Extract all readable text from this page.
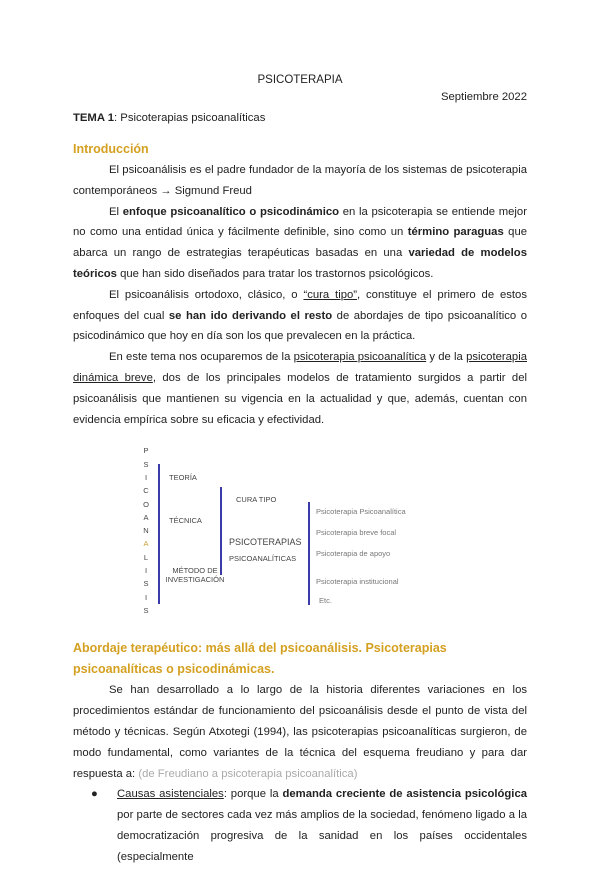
PSICOTERAPIA
Septiembre 2022
TEMA 1: Psicoterapias psicoanalíticas
Introducción
El psicoanálisis es el padre fundador de la mayoría de los sistemas de psicoterapia contemporáneos → Sigmund Freud
El enfoque psicoanalítico o psicodinámico en la psicoterapia se entiende mejor no como una entidad única y fácilmente definible, sino como un término paraguas que abarca un rango de estrategias terapéuticas basadas en una variedad de modelos teóricos que han sido diseñados para tratar los trastornos psicológicos.
El psicoanálisis ortodoxo, clásico, o “cura tipo”, constituye el primero de estos enfoques del cual se han ido derivando el resto de abordajes de tipo psicoanalítico o psicodinámico que hoy en día son los que prevalecen en la práctica.
En este tema nos ocuparemos de la psicoterapia psicoanalítica y de la psicoterapia dinámica breve, dos de los principales modelos de tratamiento surgidos a partir del psicoanálisis que mantienen su vigencia en la actualidad y que, además, cuentan con evidencia empírica sobre su eficacia y efectividad.
P
S
I
C
O
A
N
A
L
I
S
I
S
TEORÍA
TÉCNICA
MÉTODO DE INVESTIGACIÓN
CURA TIPO
PSICOTERAPIAS
PSICOANALÍTICAS
Psicoterapia Psicoanalítica
Psicoterapia breve focal
Psicoterapia de apoyo
Psicoterapia institucional
Etc.
Abordaje terapéutico: más allá del psicoanálisis. Psicoterapias psicoanalíticas o psicodinámicas.
Se han desarrollado a lo largo de la historia diferentes variaciones en los procedimientos estándar de funcionamiento del psicoanálisis desde el punto de vista del método y técnicas. Según Atxotegi (1994), las psicoterapias psicoanalíticas surgieron, de modo fundamental, como variantes de la técnica del esquema freudiano y para dar respuesta a: (de Freudiano a psicoterapia psicoanalítica)
● Causas asistenciales: porque la demanda creciente de asistencia psicológica por parte de sectores cada vez más amplios de la sociedad, fenómeno ligado a la democratización progresiva de la sanidad en los países occidentales (especialmente
